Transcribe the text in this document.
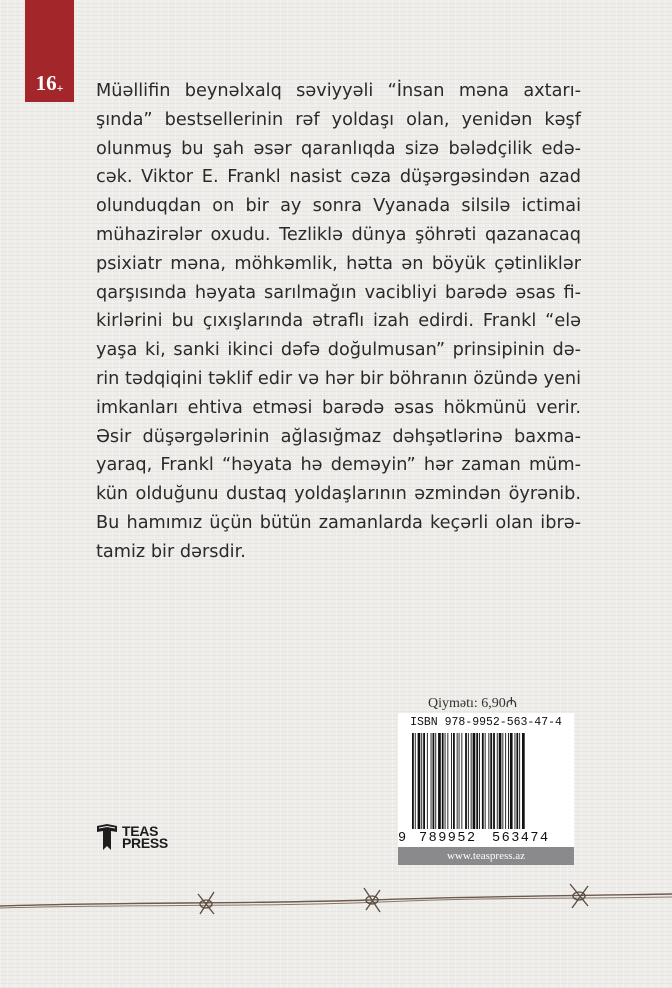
$16_+$ Müəllifin beynəlxalq səviyyəli “İnsan məna axtarı-
şında” bestsellerinin rəf yoldaşı olan, yenidən kəşf
olunmuş bu şah əsər qaranlıqda sizə bələdçilik edə-
cək. Viktor E. Frankl nasist cəza düşərgəsindən azad
olunduqdan on bir ay sonra Vyanada silsilə ictimai
mühazirələr oxudu. Tezliklə dünya şöhrəti qazanacaq
psixiatr məna, möhkəmlik, hətta ən böyük çətinliklər
qarşısında həyata sarılmağın vacibliyi barədə əsas fi-
kirlərini bu çıxışlarında ətraflı izah edirdi. Frankl “elə
yaşa ki, sanki ikinci dəfə doğulmusan” prinsipinin də-
rin tədqiqini təklif edir və hər bir böhranın özündə yeni
imkanları ehtiva etməsi barədə əsas hökmünü verir.
Əsir düşərgələrinin ağlasığmaz dəhşətlərinə baxma-
yaraq, Frankl “həyata hə deməyin” hər zaman müm-
kün olduğunu dustaq yoldaşlarının əzmindən öyrənib.
Bu hamımız üçün bütün zamanlarda keçərli olan ibrə-
tamiz bir dərsdir.

Qiymətı: 6,90₼
ISBN 978-9952-563-47-4
9 789952 563474
www.teaspress.az
TEAS
PRESS
